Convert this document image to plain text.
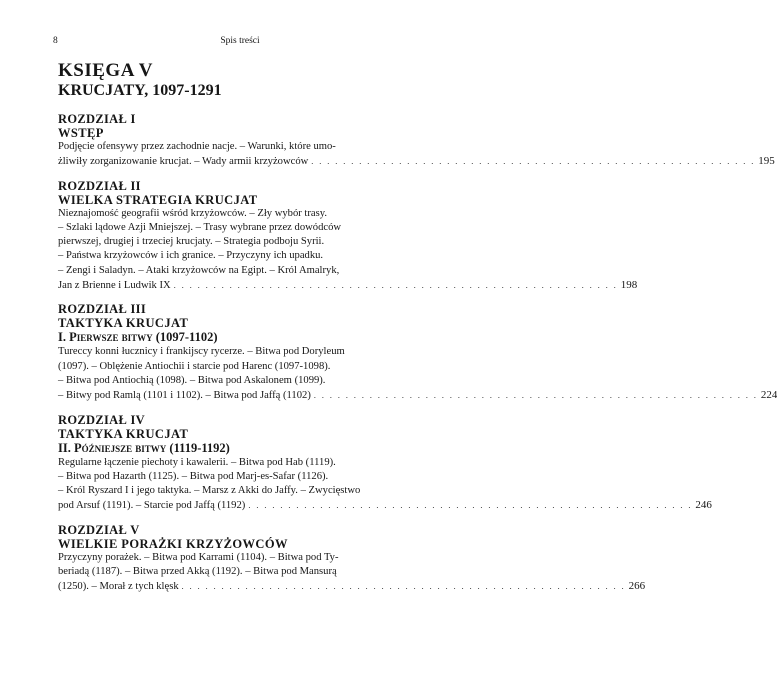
8	Spis treści
KSIĘGA V
KRUCJATY, 1097-1291
ROZDZIAŁ I
WSTĘP
Podjęcie ofensywy przez zachodnie nacje. – Warunki, które umo-
żliwiły zorganizowanie krucjat. – Wady armii krzyżowców . . . . . . . . . . . . . . . . . . . . . . . . . . . . . . . . . . . . . . . . . . . . . . . . . . . . . . . . 195
ROZDZIAŁ II
WIELKA STRATEGIA KRUCJAT
Nieznajomość geografii wśród krzyżowców. – Zły wybór trasy.
– Szlaki lądowe Azji Mniejszej. – Trasy wybrane przez dowódców
pierwszej, drugiej i trzeciej krucjaty. – Strategia podboju Syrii.
– Państwa krzyżowców i ich granice. – Przyczyny ich upadku.
– Zengi i Saladyn. – Ataki krzyżowców na Egipt. – Król Amalryk,
Jan z Brienne i Ludwik IX . . . . . . . . . . . . . . . . . . . . . . . . . . . . . . . . . . . . . . . . . . . . . . . . . . . . . . . . 198
ROZDZIAŁ III
TAKTYKA KRUCJAT
I. Pierwsze bitwy (1097-1102)
Tureccy konni łucznicy i frankijscy rycerze. – Bitwa pod Doryleum
(1097). – Oblężenie Antiochii i starcie pod Harenc (1097-1098).
– Bitwa pod Antiochią (1098). – Bitwa pod Askalonem (1099).
– Bitwy pod Ramlą (1101 i 1102). – Bitwa pod Jaffą (1102) . . . . . . . . . . . . . . . . . . . . . . . . . . . . . . . . . . . . . . . . . . . . . . . . . . . . . . . . 224
ROZDZIAŁ IV
TAKTYKA KRUCJAT
II. Późniejsze bitwy (1119-1192)
Regularne łączenie piechoty i kawalerii. – Bitwa pod Hab (1119).
– Bitwa pod Hazarth (1125). – Bitwa pod Marj-es-Safar (1126).
– Król Ryszard I i jego taktyka. – Marsz z Akki do Jaffy. – Zwycięstwo
pod Arsuf (1191). – Starcie pod Jaffą (1192) . . . . . . . . . . . . . . . . . . . . . . . . . . . . . . . . . . . . . . . . . . . . . . . . . . . . . . . . 246
ROZDZIAŁ V
WIELKIE PORAŻKI KRZYŻOWCÓW
Przyczyny porażek. – Bitwa pod Karrami (1104). – Bitwa pod Ty-
beriadą (1187). – Bitwa przed Akką (1192). – Bitwa pod Mansurą
(1250). – Morał z tych klęsk . . . . . . . . . . . . . . . . . . . . . . . . . . . . . . . . . . . . . . . . . . . . . . . . . . . . . . . . 266
